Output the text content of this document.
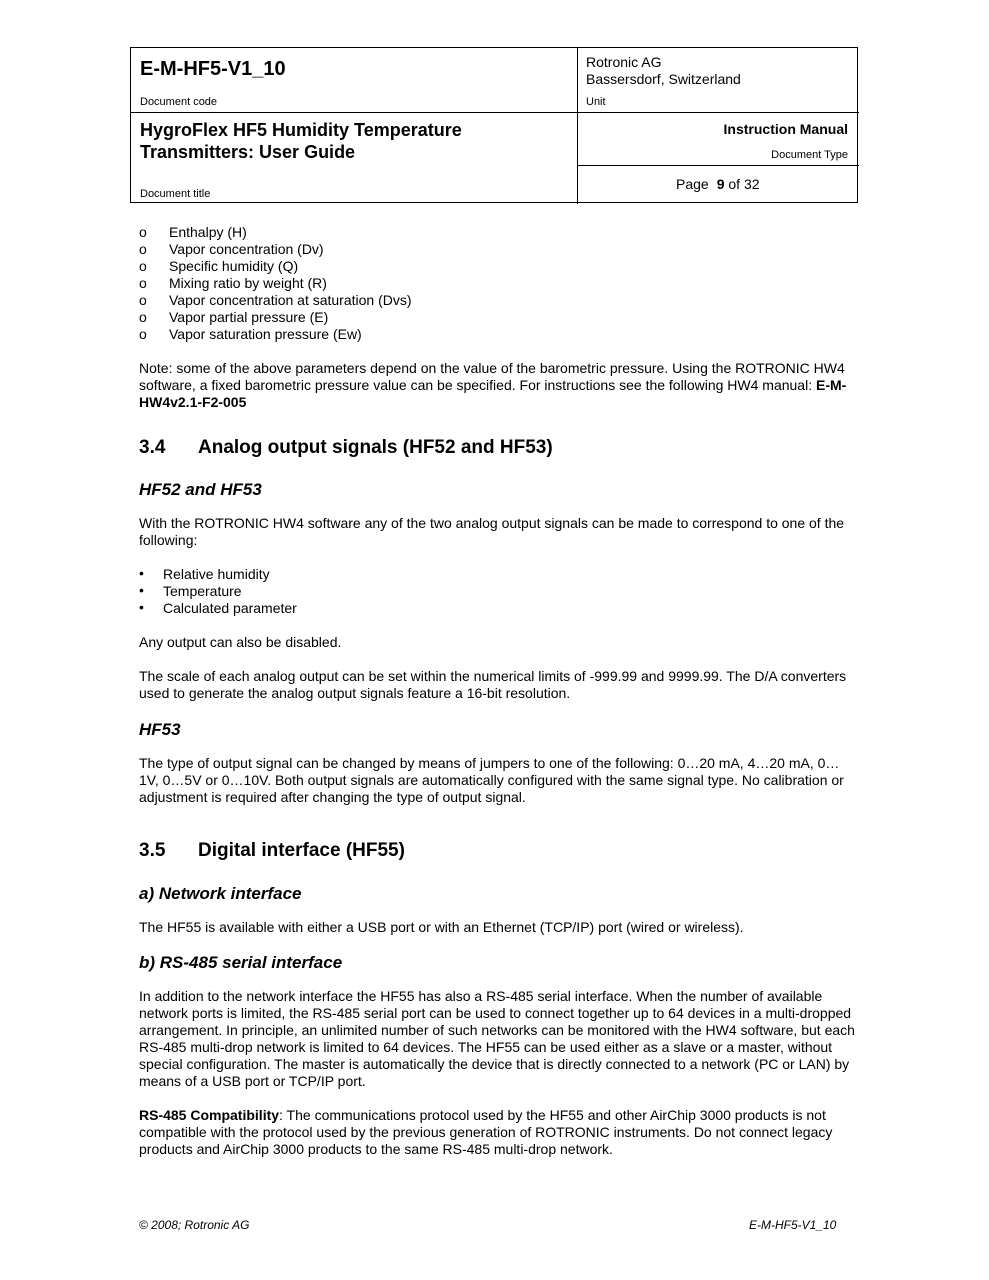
E-M-HF5-V1_10
Document code
Rotronic AG
Bassersdorf, Switzerland
Unit
HygroFlex HF5 Humidity Temperature
Transmitters: User Guide
Document title
Instruction Manual
Document Type
Page 9 of 32
o Enthalpy (H)
o Vapor concentration (Dv)
o Specific humidity (Q)
o Mixing ratio by weight (R)
o Vapor concentration at saturation (Dvs)
o Vapor partial pressure (E)
o Vapor saturation pressure (Ew)

Note: some of the above parameters depend on the value of the barometric pressure. Using the ROTRONIC HW4 software, a fixed barometric pressure value can be specified. For instructions see the following HW4 manual: E-M-HW4v2.1-F2-005

3.4 Analog output signals (HF52 and HF53)
HF52 and HF53

With the ROTRONIC HW4 software any of the two analog output signals can be made to correspond to one of the following:

• Relative humidity
• Temperature
• Calculated parameter

Any output can also be disabled.

The scale of each analog output can be set within the numerical limits of -999.99 and 9999.99. The D/A converters used to generate the analog output signals feature a 16-bit resolution.

HF53

The type of output signal can be changed by means of jumpers to one of the following: 0…20 mA, 4…20 mA, 0…1V, 0…5V or 0…10V. Both output signals are automatically configured with the same signal type. No calibration or adjustment is required after changing the type of output signal.

3.5 Digital interface (HF55)
a) Network interface

The HF55 is available with either a USB port or with an Ethernet (TCP/IP) port (wired or wireless).

b) RS-485 serial interface

In addition to the network interface the HF55 has also a RS-485 serial interface. When the number of available network ports is limited, the RS-485 serial port can be used to connect together up to 64 devices in a multi-dropped arrangement. In principle, an unlimited number of such networks can be monitored with the HW4 software, but each RS-485 multi-drop network is limited to 64 devices. The HF55 can be used either as a slave or a master, without special configuration. The master is automatically the device that is directly connected to a network (PC or LAN) by means of a USB port or TCP/IP port.

RS-485 Compatibility: The communications protocol used by the HF55 and other AirChip 3000 products is not compatible with the protocol used by the previous generation of ROTRONIC instruments. Do not connect legacy products and AirChip 3000 products to the same RS-485 multi-drop network.

© 2008; Rotronic AG	E-M-HF5-V1_10
